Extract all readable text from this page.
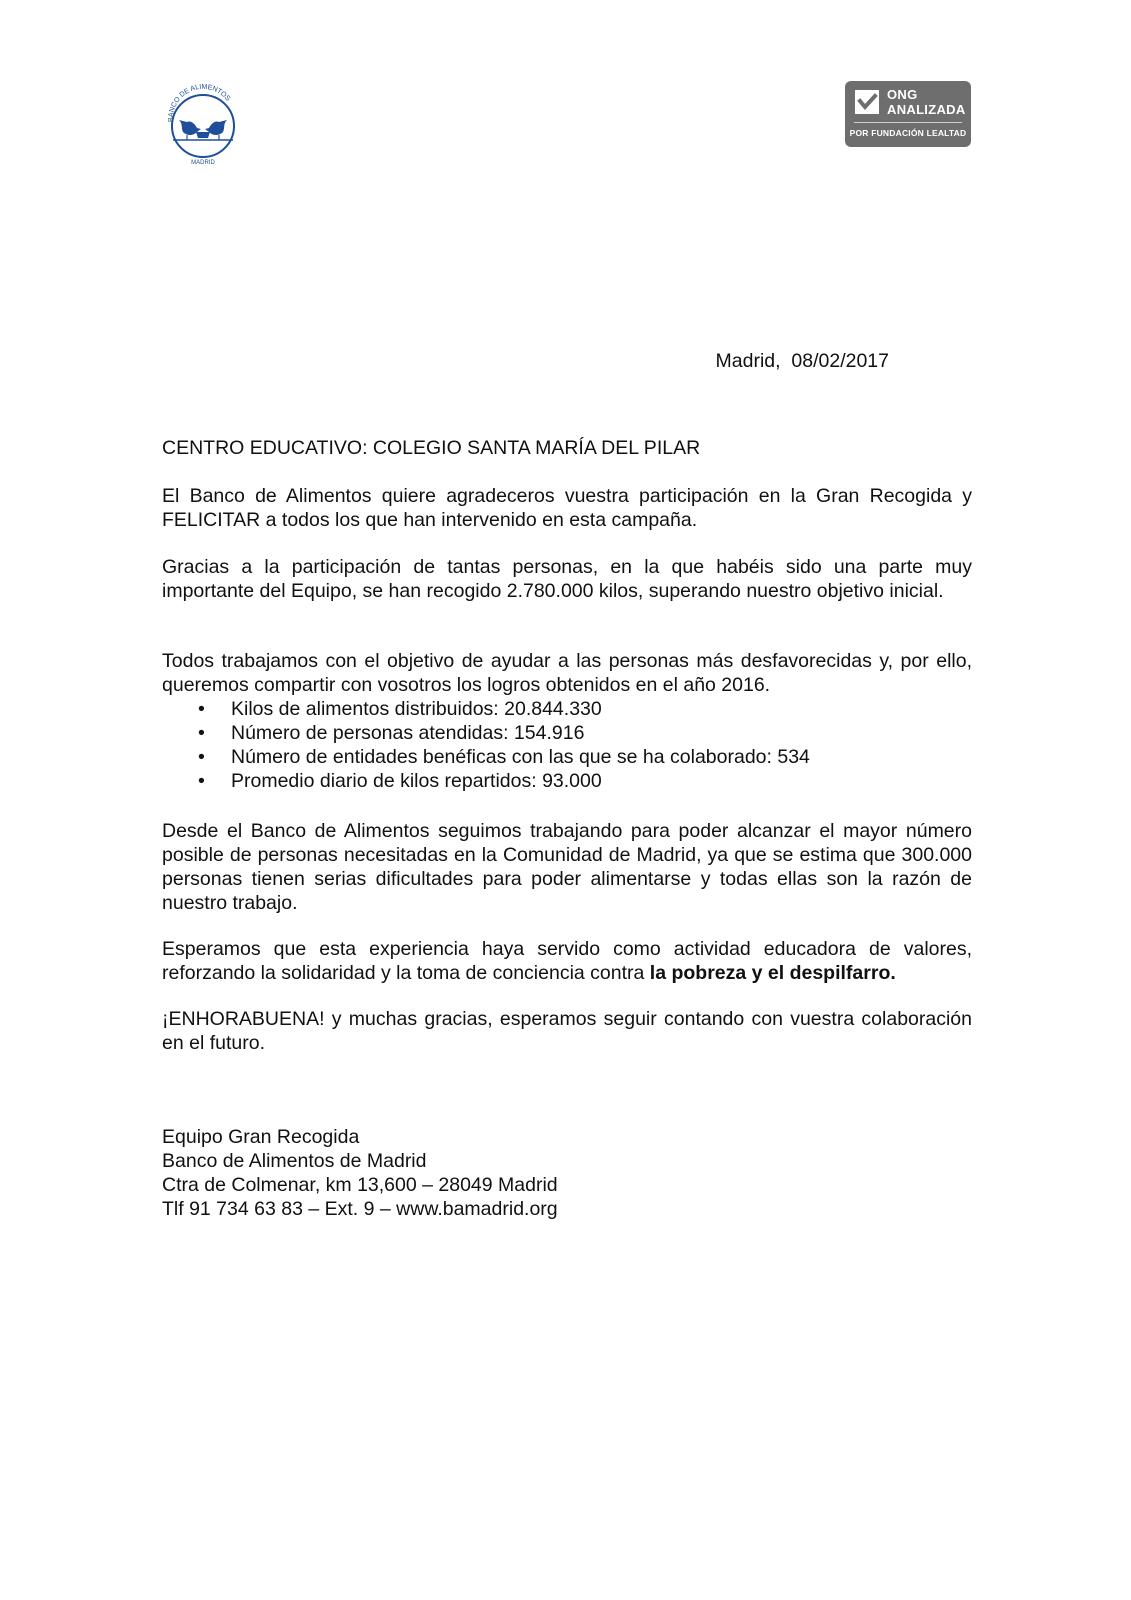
BANCO DE ALIMENTOS
MADRID
ONG
ANALIZADA
POR FUNDACIÓN LEALTAD
Madrid,  08/02/2017
CENTRO EDUCATIVO: COLEGIO SANTA MARÍA DEL PILAR

El Banco de Alimentos quiere agradeceros vuestra participación en la Gran Recogida y FELICITAR a todos los que han intervenido en esta campaña.

Gracias a la participación de tantas personas, en la que habéis sido una parte muy importante del Equipo, se han recogido 2.780.000 kilos, superando nuestro objetivo inicial.

Todos trabajamos con el objetivo de ayudar a las personas más desfavorecidas y, por ello, queremos compartir con vosotros los logros obtenidos en el año 2016.

• Kilos de alimentos distribuidos: 20.844.330
• Número de personas atendidas: 154.916
• Número de entidades benéficas con las que se ha colaborado: 534
• Promedio diario de kilos repartidos: 93.000

Desde el Banco de Alimentos seguimos trabajando para poder alcanzar el mayor número posible de personas necesitadas en la Comunidad de Madrid, ya que se estima que 300.000 personas tienen serias dificultades para poder alimentarse y todas ellas son la razón de nuestro trabajo.

Esperamos que esta experiencia haya servido como actividad educadora de valores, reforzando la solidaridad y la toma de conciencia contra la pobreza y el despilfarro.

¡ENHORABUENA! y muchas gracias, esperamos seguir contando con vuestra colaboración en el futuro.

Equipo Gran Recogida
Banco de Alimentos de Madrid
Ctra de Colmenar, km 13,600 – 28049 Madrid
Tlf 91 734 63 83 – Ext. 9 – www.bamadrid.org
